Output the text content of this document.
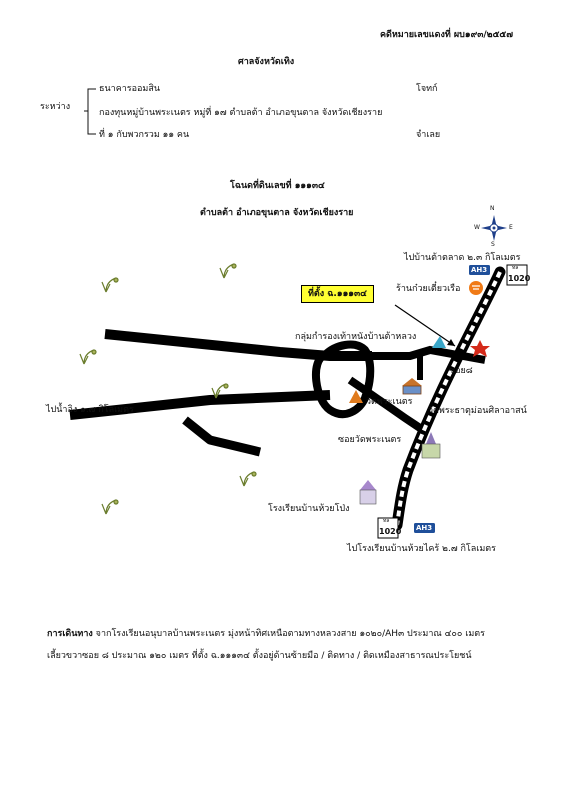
คดีหมายเลขแดงที่ ผบ๑๙๓/๒๕๕๗
ศาลจังหวัดเทิง
ระหว่าง
ธนาคารออมสิน	โจทก์
กองทุนหมู่บ้านพระเนตร หมู่ที่ ๑๗ ตำบลต้า อำเภอขุนตาล จังหวัดเชียงราย
ที่ ๑ กับพวกรวม ๑๑ คน	จำเลย
โฉนดที่ดินเลขที่ ๑๑๑๓๔
ตำบลต้า อำเภอขุนตาล จังหวัดเชียงราย	N
S
E
W
AH3	ทล
1020
ทล
1020 AH3
ไปบ้านต้าตลาด ๒.๓ กิโลเมตร
ร้านก๋วยเตี๋ยวเรือ
ที่ตั้ง ฉ.๑๑๑๓๔
กลุ่มกำรองเท้าหนังบ้านต้าหลวง
ซอย๘
วัดพระเนตร
วัดพระธาตุม่อนศิลาอาสน์
ไปน้ำอิง ๑.๗ กิโลเมตร
ซอยวัดพระเนตร
โรงเรียนบ้านห้วยโป่ง
ไปโรงเรียนบ้านห้วยไคร้ ๒.๗ กิโลเมตร
การเดินทาง จากโรงเรียนอนุบาลบ้านพระเนตร มุ่งหน้าทิศเหนือตามทางหลวงสาย ๑๐๒๐/AH๓ ประมาณ ๔๐๐ เมตร
เลี้ยวขวาซอย ๘ ประมาณ ๑๒๐ เมตร ที่ตั้ง ฉ.๑๑๑๓๔ ตั้งอยู่ด้านซ้ายมือ / ติดทาง / ติดเหมืองสาธารณประโยชน์
